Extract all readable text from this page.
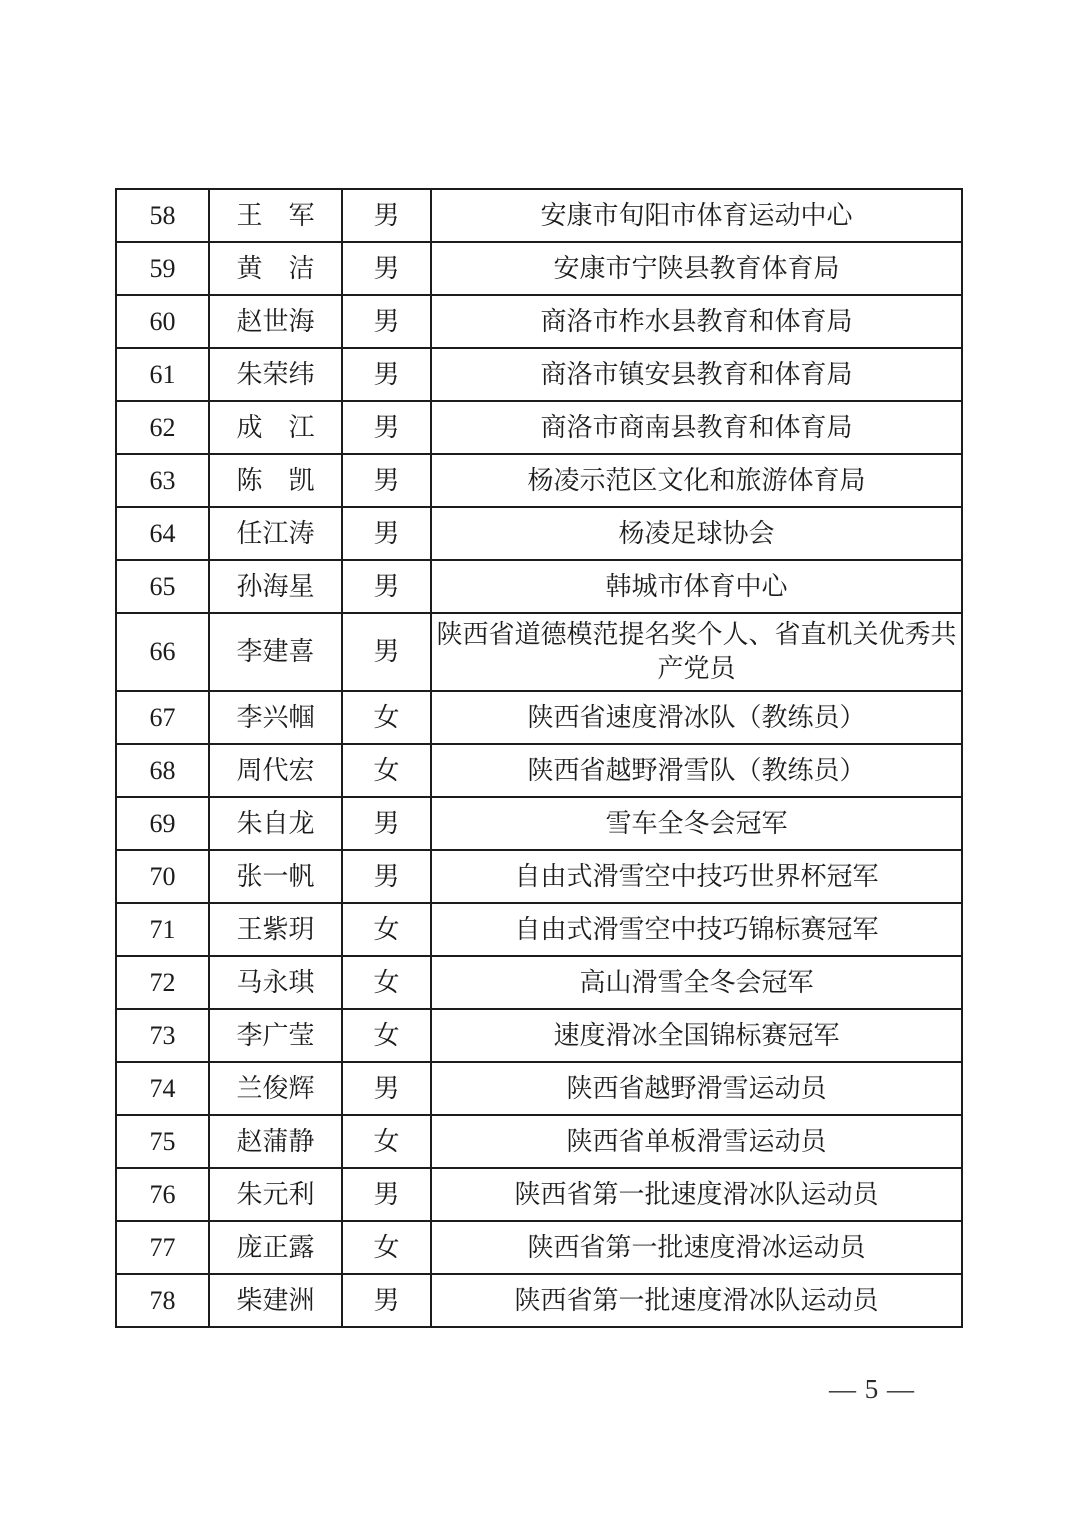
58	王　军	男	安康市旬阳市体育运动中心
59	黄　洁	男	安康市宁陕县教育体育局
60	赵世海	男	商洛市柞水县教育和体育局
61	朱荣纬	男	商洛市镇安县教育和体育局
62	成　江	男	商洛市商南县教育和体育局
63	陈　凯	男	杨凌示范区文化和旅游体育局
64	任江涛	男	杨凌足球协会
65	孙海星	男	韩城市体育中心
66	李建喜	男	陕西省道德模范提名奖个人、省直机关优秀共产党员
67	李兴帼	女	陕西省速度滑冰队（教练员）
68	周代宏	女	陕西省越野滑雪队（教练员）
69	朱自龙	男	雪车全冬会冠军
70	张一帆	男	自由式滑雪空中技巧世界杯冠军
71	王紫玥	女	自由式滑雪空中技巧锦标赛冠军
72	马永琪	女	高山滑雪全冬会冠军
73	李广莹	女	速度滑冰全国锦标赛冠军
74	兰俊辉	男	陕西省越野滑雪运动员
75	赵蒲静	女	陕西省单板滑雪运动员
76	朱元利	男	陕西省第一批速度滑冰队运动员
77	庞正露	女	陕西省第一批速度滑冰运动员
78	柴建洲	男	陕西省第一批速度滑冰队运动员
— 5 —
